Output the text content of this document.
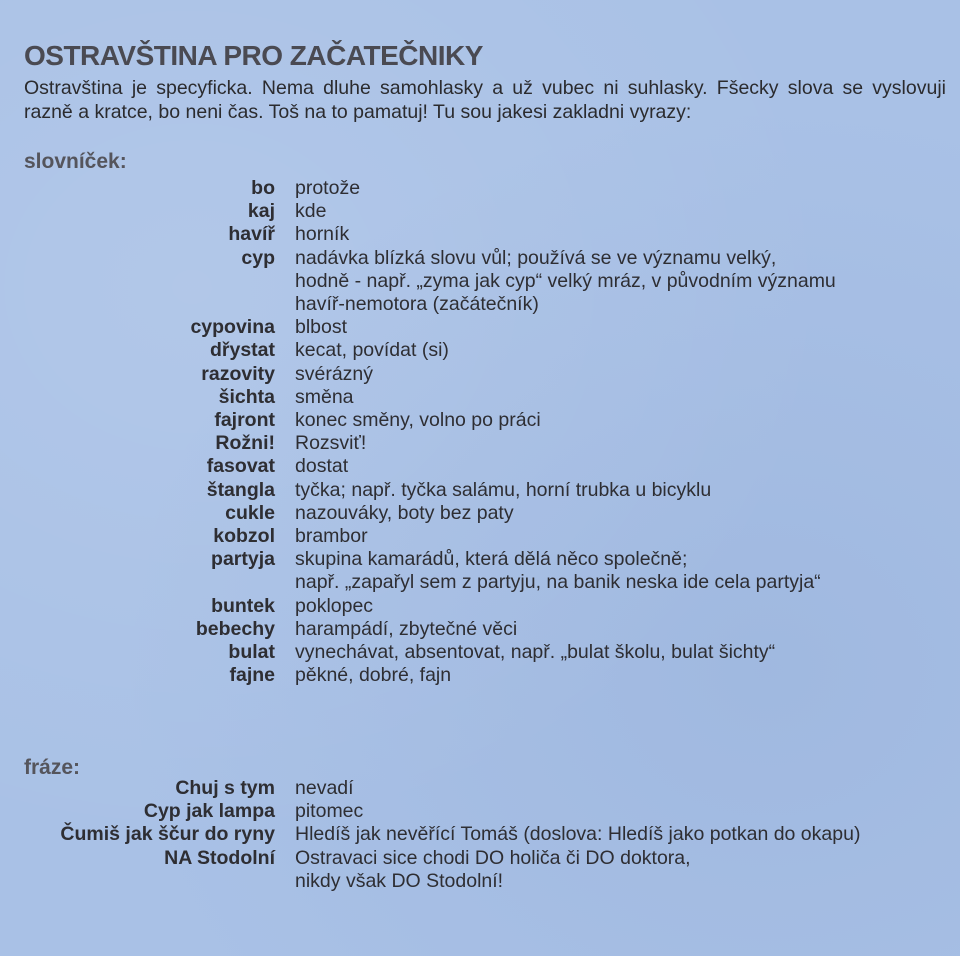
OSTRAVŠTINA PRO ZAČATEČNIKY
Ostravština je specyficka. Nema dluhe samohlasky a už vubec ni suhlasky. Fšecky slova se vyslovuji razně a kratce, bo neni čas. Toš na to pamatuj! Tu sou jakesi zakladni vyrazy:
slovníček:
bo protože
kaj kde
havíř horník
cyp nadávka blízká slovu vůl; používá se ve významu velký,
hodně - např. „zyma jak cyp“ velký mráz, v původním významu
havíř-nemotora (začátečník)
cypovina blbost
dřystat kecat, povídat (si)
razovity svérázný
šichta směna
fajront konec směny, volno po práci
Rožni! Rozsviť!
fasovat dostat
štangla tyčka; např. tyčka salámu, horní trubka u bicyklu
cukle nazouváky, boty bez paty
kobzol brambor
partyja skupina kamarádů, která dělá něco společně;
např. „zapařyl sem z partyju, na banik neska ide cela partyja“
buntek poklopec
bebechy harampádí, zbytečné věci
bulat vynechávat, absentovat, např. „bulat školu, bulat šichty“
fajne pěkné, dobré, fajn
fráze:
Chuj s tym nevadí
Cyp jak lampa pitomec
Čumiš jak ščur do ryny Hledíš jak nevěřící Tomáš (doslova: Hledíš jako potkan do okapu)
NA Stodolní Ostravaci sice chodi DO holiča či DO doktora,
nikdy však DO Stodolní!
